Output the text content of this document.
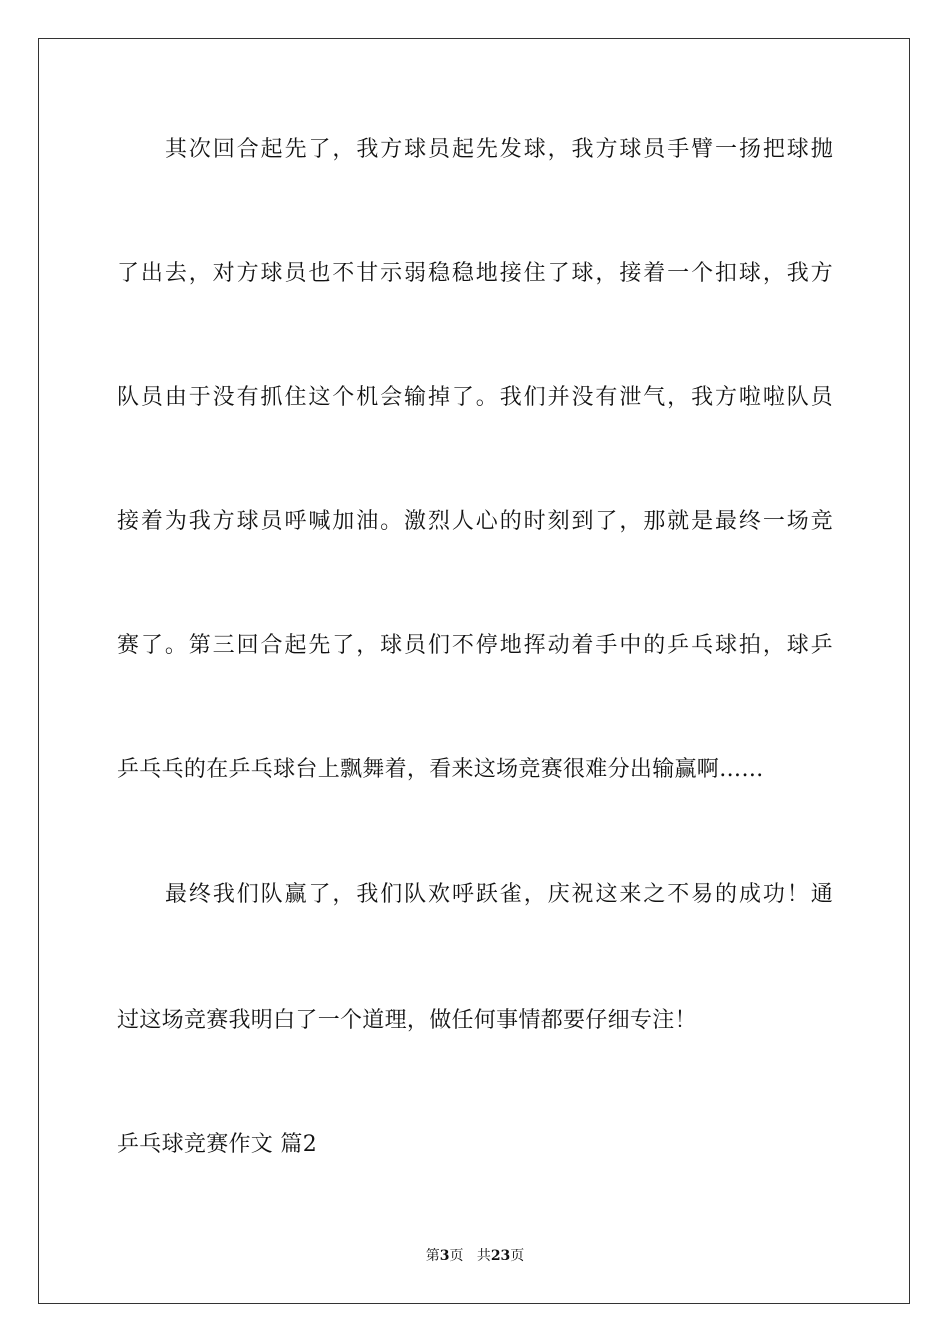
其次回合起先了，我方球员起先发球，我方球员手臂一扬把球抛
了出去，对方球员也不甘示弱稳稳地接住了球，接着一个扣球，我方
队员由于没有抓住这个机会输掉了。我们并没有泄气，我方啦啦队员
接着为我方球员呼喊加油。激烈人心的时刻到了，那就是最终一场竞
赛了。第三回合起先了，球员们不停地挥动着手中的乒乓球拍，球乒
乒乓乓的在乒乓球台上飘舞着，看来这场竞赛很难分出输赢啊……
最终我们队赢了，我们队欢呼跃雀，庆祝这来之不易的成功！通
过这场竞赛我明白了一个道理，做任何事情都要仔细专注！
乒乓球竞赛作文 篇2
第3页 共23页
